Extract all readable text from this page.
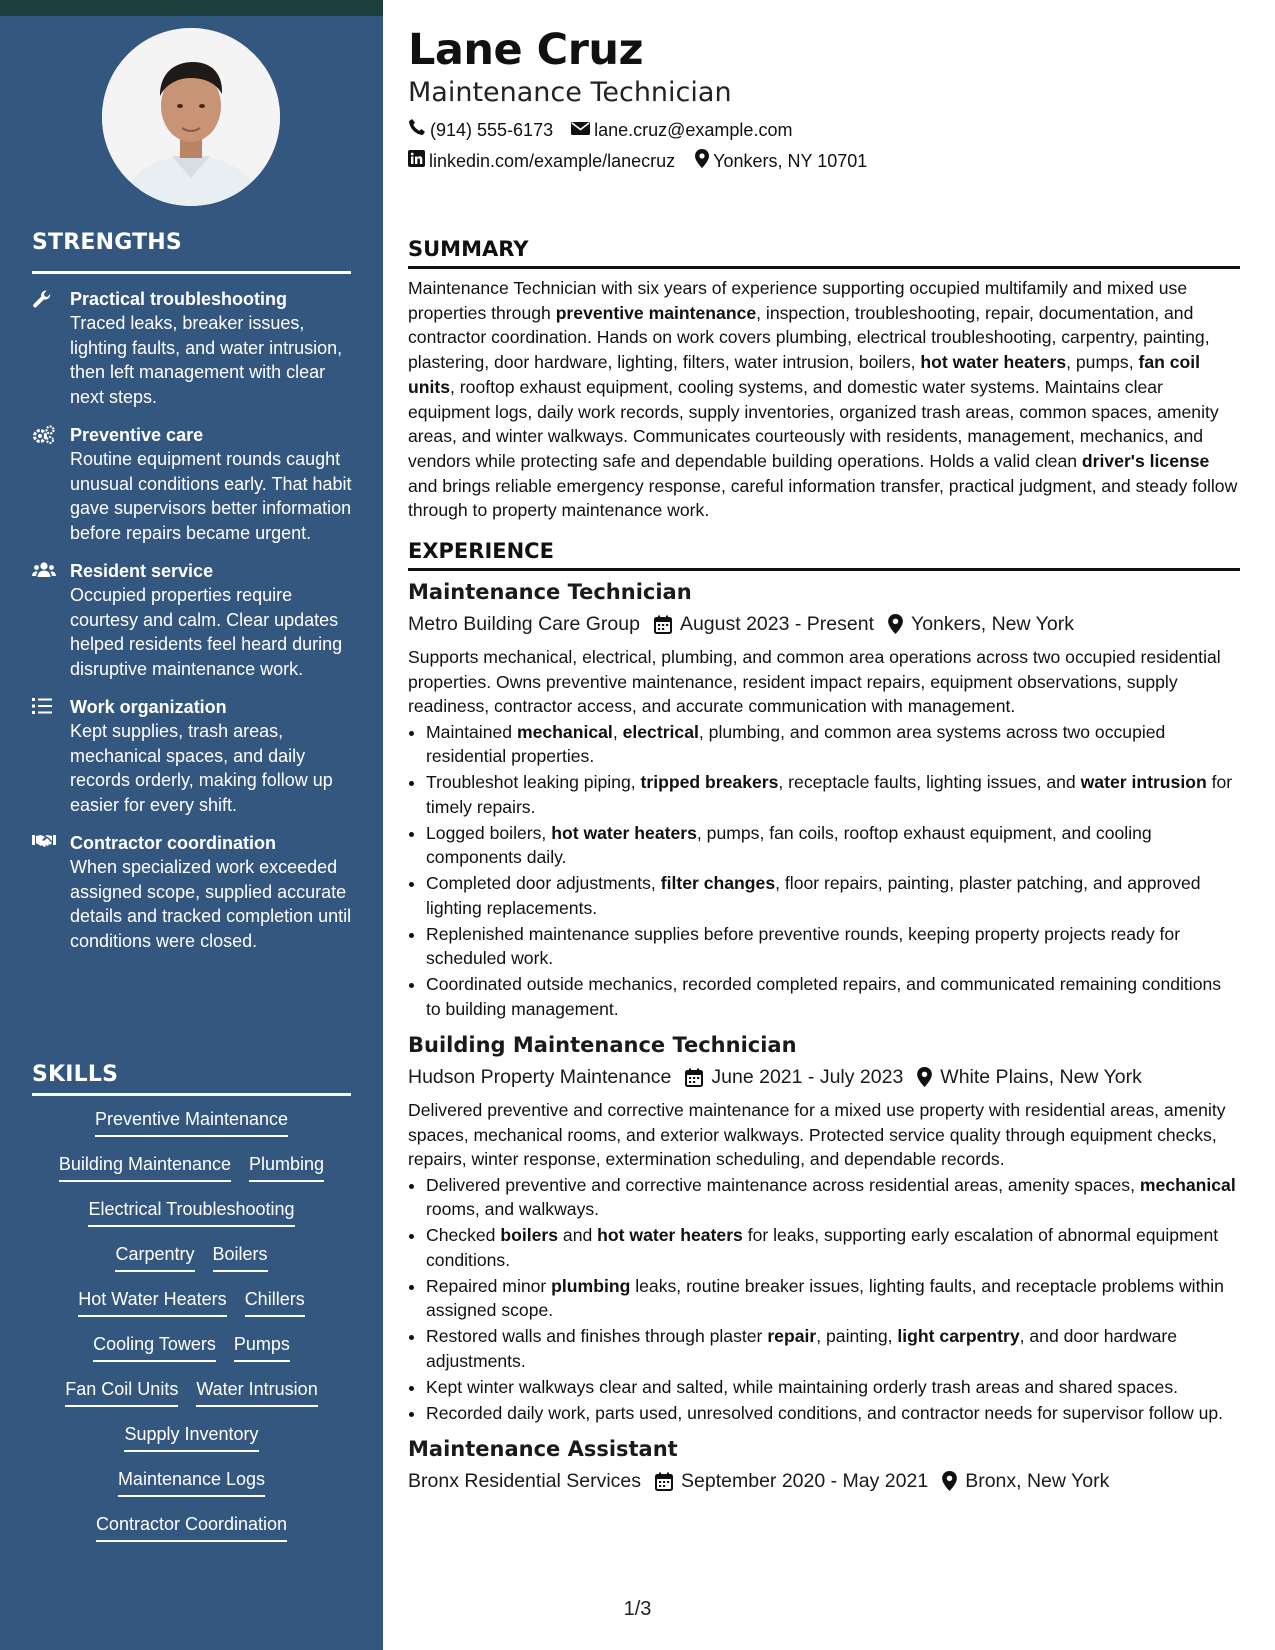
STRENGTHS
Practical troubleshooting
Traced leaks, breaker issues, lighting faults, and water intrusion, then left management with clear next steps.
Preventive care
Routine equipment rounds caught unusual conditions early. That habit gave supervisors better information before repairs became urgent.
Resident service
Occupied properties require courtesy and calm. Clear updates helped residents feel heard during disruptive maintenance work.
Work organization
Kept supplies, trash areas, mechanical spaces, and daily records orderly, making follow up easier for every shift.
Contractor coordination
When specialized work exceeded assigned scope, supplied accurate details and tracked completion until conditions were closed.
SKILLS
Preventive Maintenance
Building Maintenance Plumbing
Electrical Troubleshooting
Carpentry Boilers
Hot Water Heaters Chillers
Cooling Towers Pumps
Fan Coil Units Water Intrusion
Supply Inventory
Maintenance Logs
Contractor Coordination
Lane Cruz
Maintenance Technician
(914) 555-6173 lane.cruz@example.com
linkedin.com/example/lanecruz Yonkers, NY 10701
SUMMARY
Maintenance Technician with six years of experience supporting occupied multifamily and mixed use properties through preventive maintenance, inspection, troubleshooting, repair, documentation, and contractor coordination. Hands on work covers plumbing, electrical troubleshooting, carpentry, painting, plastering, door hardware, lighting, filters, water intrusion, boilers, hot water heaters, pumps, fan coil units, rooftop exhaust equipment, cooling systems, and domestic water systems. Maintains clear equipment logs, daily work records, supply inventories, organized trash areas, common spaces, amenity areas, and winter walkways. Communicates courteously with residents, management, mechanics, and vendors while protecting safe and dependable building operations. Holds a valid clean driver's license and brings reliable emergency response, careful information transfer, practical judgment, and steady follow through to property maintenance work.
EXPERIENCE
Maintenance Technician
Metro Building Care Group August 2023 - Present Yonkers, New York
Supports mechanical, electrical, plumbing, and common area operations across two occupied residential properties. Owns preventive maintenance, resident impact repairs, equipment observations, supply readiness, contractor access, and accurate communication with management.
• Maintained mechanical, electrical, plumbing, and common area systems across two occupied residential properties.
• Troubleshot leaking piping, tripped breakers, receptacle faults, lighting issues, and water intrusion for timely repairs.
• Logged boilers, hot water heaters, pumps, fan coils, rooftop exhaust equipment, and cooling components daily.
• Completed door adjustments, filter changes, floor repairs, painting, plaster patching, and approved lighting replacements.
• Replenished maintenance supplies before preventive rounds, keeping property projects ready for scheduled work.
• Coordinated outside mechanics, recorded completed repairs, and communicated remaining conditions to building management.
Building Maintenance Technician
Hudson Property Maintenance June 2021 - July 2023 White Plains, New York
Delivered preventive and corrective maintenance for a mixed use property with residential areas, amenity spaces, mechanical rooms, and exterior walkways. Protected service quality through equipment checks, repairs, winter response, extermination scheduling, and dependable records.
• Delivered preventive and corrective maintenance across residential areas, amenity spaces, mechanical rooms, and walkways.
• Checked boilers and hot water heaters for leaks, supporting early escalation of abnormal equipment conditions.
• Repaired minor plumbing leaks, routine breaker issues, lighting faults, and receptacle problems within assigned scope.
• Restored walls and finishes through plaster repair, painting, light carpentry, and door hardware adjustments.
• Kept winter walkways clear and salted, while maintaining orderly trash areas and shared spaces.
• Recorded daily work, parts used, unresolved conditions, and contractor needs for supervisor follow up.
Maintenance Assistant
Bronx Residential Services September 2020 - May 2021 Bronx, New York
1/3
